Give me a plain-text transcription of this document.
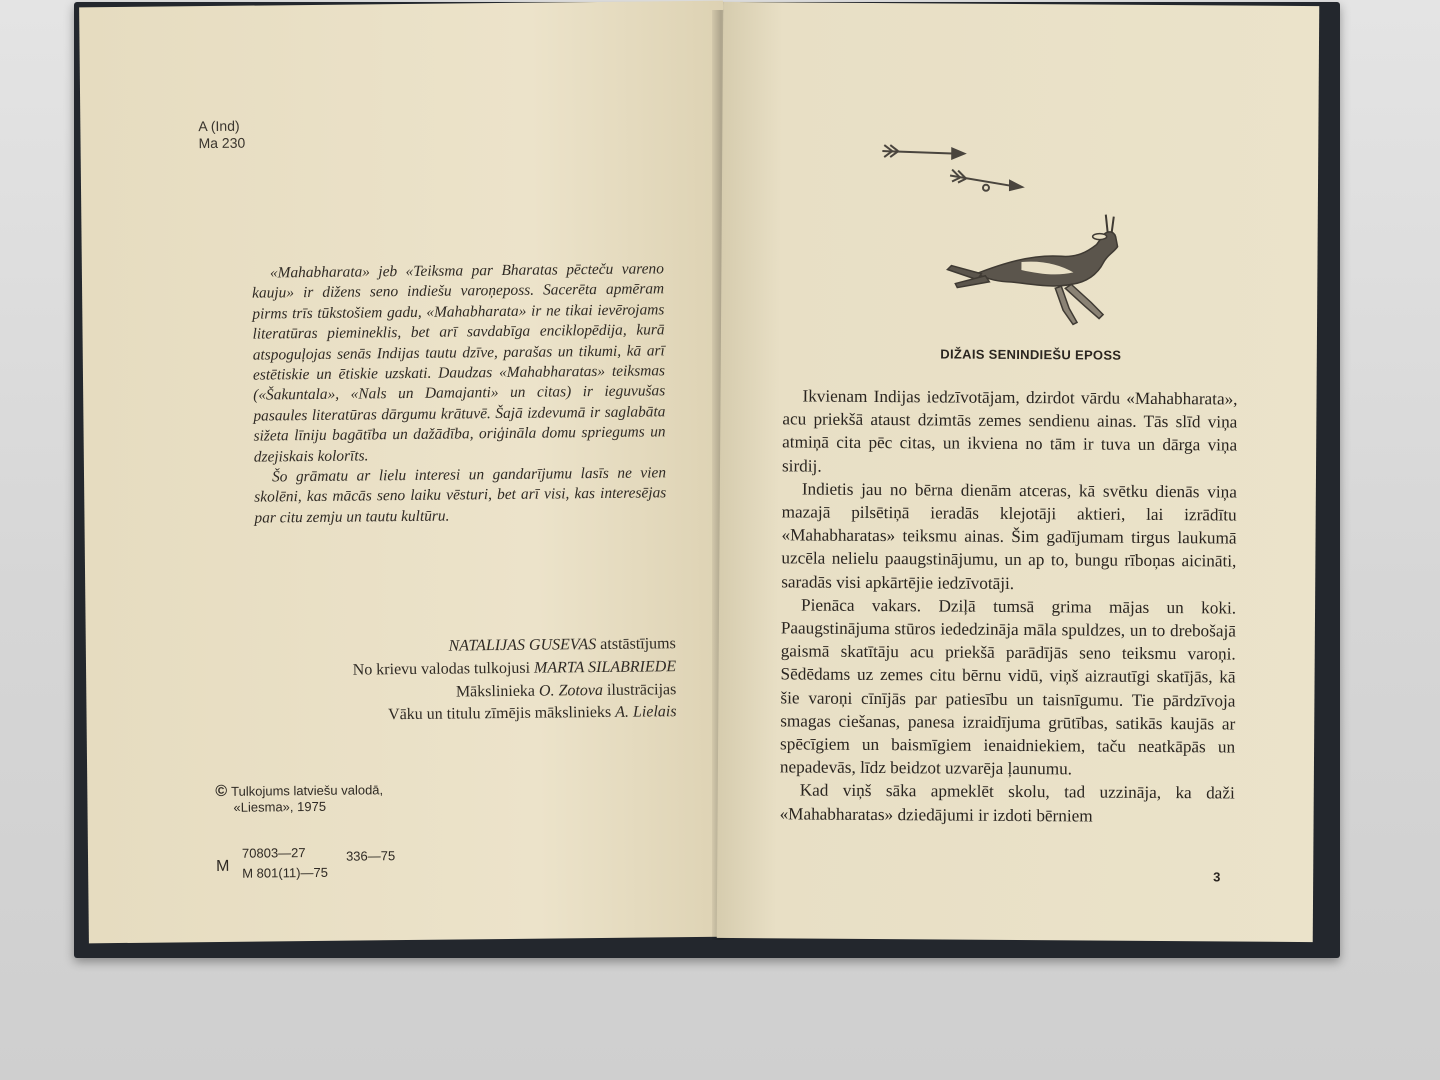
A (Ind)
Ma 230

«Mahabharata» jeb «Teiksma par Bharatas pēcteču vareno kauju» ir dižens seno indiešu varoņeposs. Sacerēta apmēram pirms trīs tūkstošiem gadu, «Mahabharata» ir ne tikai ievērojams literatūras piemineklis, bet arī savdabīga enciklopēdija, kurā atspoguļojas senās Indijas tautu dzīve, parašas un tikumi, kā arī estētiskie un ētiskie uzskati. Daudzas «Mahabharatas» teiksmas («Šakuntala», «Nals un Damajanti» un citas) ir ieguvušas pasaules literatūras dārgumu krātuvē. Šajā izdevumā ir saglabāta sižeta līniju bagātība un dažādība, oriģināla domu spriegums un dzejiskais kolorīts.

Šo grāmatu ar lielu interesi un gandarījumu lasīs ne vien skolēni, kas mācās seno laiku vēsturi, bet arī visi, kas interesējas par citu zemju un tautu kultūru.

NATALIJAS GUSEVAS atstāstījums
No krievu valodas tulkojusi MARTA SILABRIEDE
Mākslinieka O. Zotova ilustrācijas
Vāku un titulu zīmējis mākslinieks A. Lielais
© Tulkojums latviešu valodā,
«Liesma», 1975
M
70803—27
M 801(11)—75
336—75
DIŽAIS SENINDIEŠU EPOSS

Ikvienam Indijas iedzīvotājam, dzirdot vārdu «Mahabharata», acu priekšā ataust dzimtās zemes sendienu ainas. Tās slīd viņa atmiņā cita pēc citas, un ikviena no tām ir tuva un dārga viņa sirdij.

Indietis jau no bērna dienām atceras, kā svētku dienās viņa mazajā pilsētiņā ieradās klejotāji aktieri, lai izrādītu «Mahabharatas» teiksmu ainas. Šim gadījumam tirgus laukumā uzcēla nelielu paaugstinājumu, un ap to, bungu rībоņas aicināti, saradās visi apkārtējie iedzīvotāji.

Pienāca vakars. Dziļā tumsā grima mājas un koki. Paaugstinājuma stūros iededzināja māla spuldzes, un to drebošajā gaismā skatītāju acu priekšā parādījās seno teiksmu varoņi. Sēdēdams uz zemes citu bērnu vidū, viņš aizrautīgi skatījās, kā šie varoņi cīnījās par patiesību un taisnīgumu. Tie pārdzīvoja smagas ciešanas, panesa izraidījuma grūtības, satikās kaujās ar spēcīgiem un baismīgiem ienaidniekiem, taču neatkāpās un nepadevās, līdz beidzot uzvarēja ļaunumu.

Kad viņš sāka apmeklēt skolu, tad uzzināja, ka daži «Mahabharatas» dziedājumi ir izdoti bērniem

3
